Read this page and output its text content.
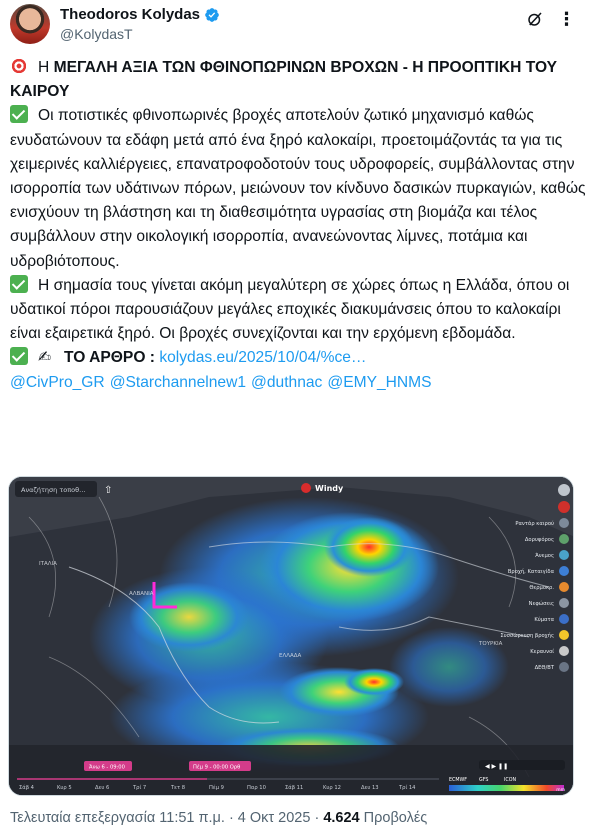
Theodoros Kolydas
@KolydasT
⋮

Η ΜΕΓΑΛΗ ΑΞΙΑ ΤΩΝ ΦΘΙΝΟΠΩΡΙΝΩΝ ΒΡΟΧΩΝ - Η ΠΡΟΟΠΤΙΚΗ ΤΟΥ ΚΑΙΡΟΥ

Οι ποτιστικές φθινοπωρινές βροχές αποτελούν ζωτικό μηχανισμό καθώς ενυδατώνουν τα εδάφη μετά από ένα ξηρό καλοκαίρι, προετοιμάζοντάς τα για τις χειμερινές καλλιέργειες, επανατροφοδοτούν τους υδροφορείς, συμβάλλοντας στην ισορροπία των υδάτινων πόρων, μειώνουν τον κίνδυνο δασικών πυρκαγιών, καθώς ενισχύουν τη βλάστηση και τη διαθεσιμότητα υγρασίας στη βιομάζα και τέλος συμβάλλουν στην οικολογική ισορροπία, ανανεώνοντας λίμνες, ποτάμια και υδροβιότοπους.

Η σημασία τους γίνεται ακόμη μεγαλύτερη σε χώρες όπως η Ελλάδα, όπου οι υδατικοί πόροι παρουσιάζουν μεγάλες εποχικές διακυμάνσεις όπου το καλοκαίρι είναι εξαιρετικά ξηρό. Οι βροχές συνεχίζονται και την ερχόμενη εβδομάδα.

✍ ΤΟ ΑΡΘΡΟ : kolydas.eu/2025/10/04/%ce…

@CivPro_GR @Starchannelnew1 @duthnac @EMY_HNMS

Αναζήτηση τοποθ… ⇧	Windy
Ραντάρ καιρού
Δορυφόρος
Άνεμος
Βροχή, Καταιγίδα
Θερμοκρ.
Νεφώσεις
Κύματα
Συσσώρευση βροχής
Κεραυνοί
ΔΕΘ/ΒΤ
ΕΛΛΑΔΑ
ΤΟΥΡΚΙΑ
ΑΛΒΑΝΙΑ
ΙΤΑΛΙΑ
Άνω 6 - 09:00	Πέμ 9 - 00:00 Ορθ	◀ ▶ ❚❚
Σάβ 4	Κυρ 5	Δευ 6	Τρί 7	Τετ 8	Πέμ 9	Παρ 10	Σάβ 11	Κυρ 12	Δευ 13	Τρί 14
ECMWF GFS	ICON
mm
Τελευταία επεξεργασία 11:51 π.μ. · 4 Οκτ 2025 · 4.624 Προβολές
